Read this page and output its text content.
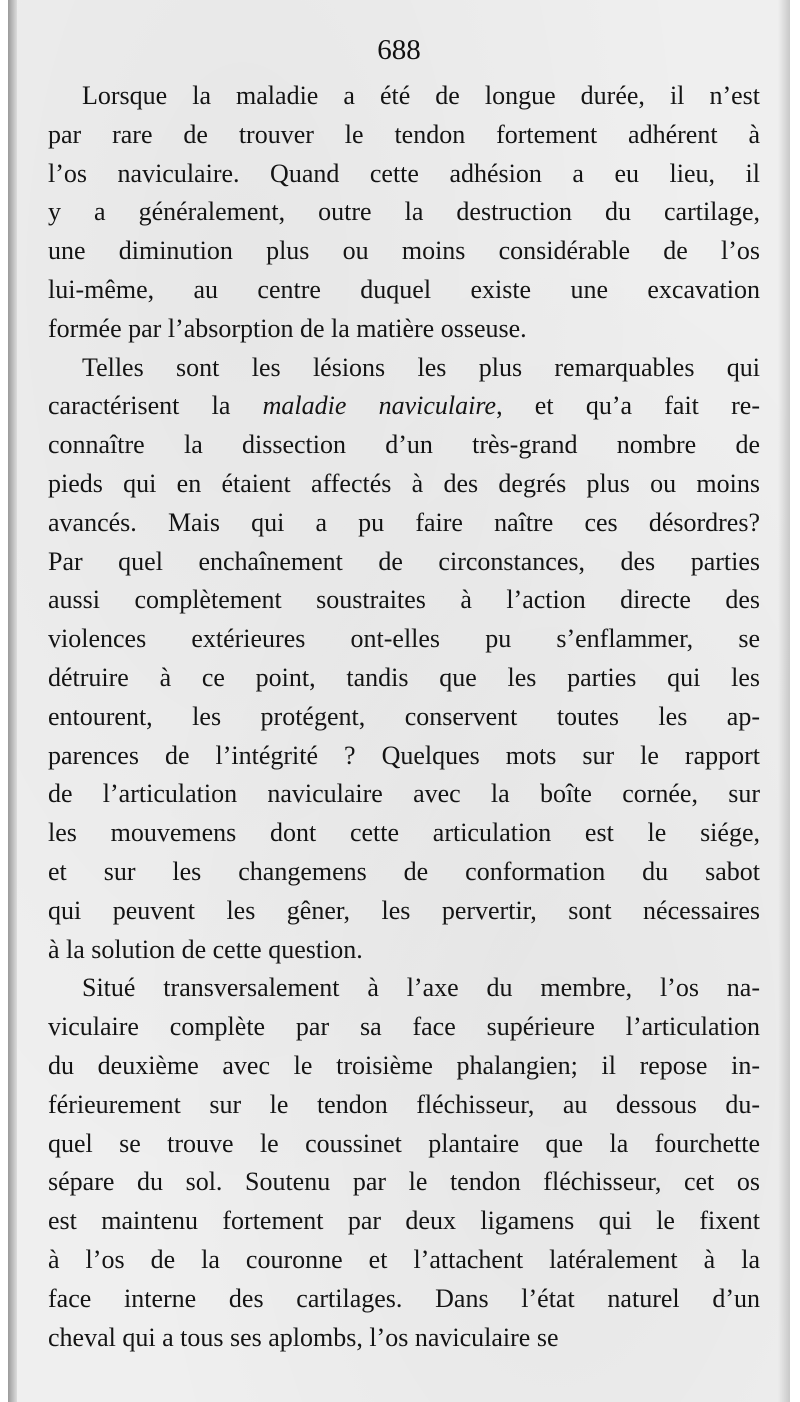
688
Lorsque la maladie a été de longue durée, il n’est
par rare de trouver le tendon fortement adhérent à
l’os naviculaire. Quand cette adhésion a eu lieu, il
y a généralement, outre la destruction du cartilage,
une diminution plus ou moins considérable de l’os
lui-même, au centre duquel existe une excavation
formée par l’absorption de la matière osseuse.
Telles sont les lésions les plus remarquables qui
caractérisent la maladie naviculaire, et qu’a fait re-
connaître la dissection d’un très-grand nombre de
pieds qui en étaient affectés à des degrés plus ou moins
avancés. Mais qui a pu faire naître ces désordres?
Par quel enchaînement de circonstances, des parties
aussi complètement soustraites à l’action directe des
violences extérieures ont-elles pu s’enflammer, se
détruire à ce point, tandis que les parties qui les
entourent, les protégent, conservent toutes les ap-
parences de l’intégrité ? Quelques mots sur le rapport
de l’articulation naviculaire avec la boîte cornée, sur
les mouvemens dont cette articulation est le siége,
et sur les changemens de conformation du sabot
qui peuvent les gêner, les pervertir, sont nécessaires
à la solution de cette question.
Situé transversalement à l’axe du membre, l’os na-
viculaire complète par sa face supérieure l’articulation
du deuxième avec le troisième phalangien; il repose in-
férieurement sur le tendon fléchisseur, au dessous du-
quel se trouve le coussinet plantaire que la fourchette
sépare du sol. Soutenu par le tendon fléchisseur, cet os
est maintenu fortement par deux ligamens qui le fixent
à l’os de la couronne et l’attachent latéralement à la
face interne des cartilages. Dans l’état naturel d’un
cheval qui a tous ses aplombs, l’os naviculaire se
